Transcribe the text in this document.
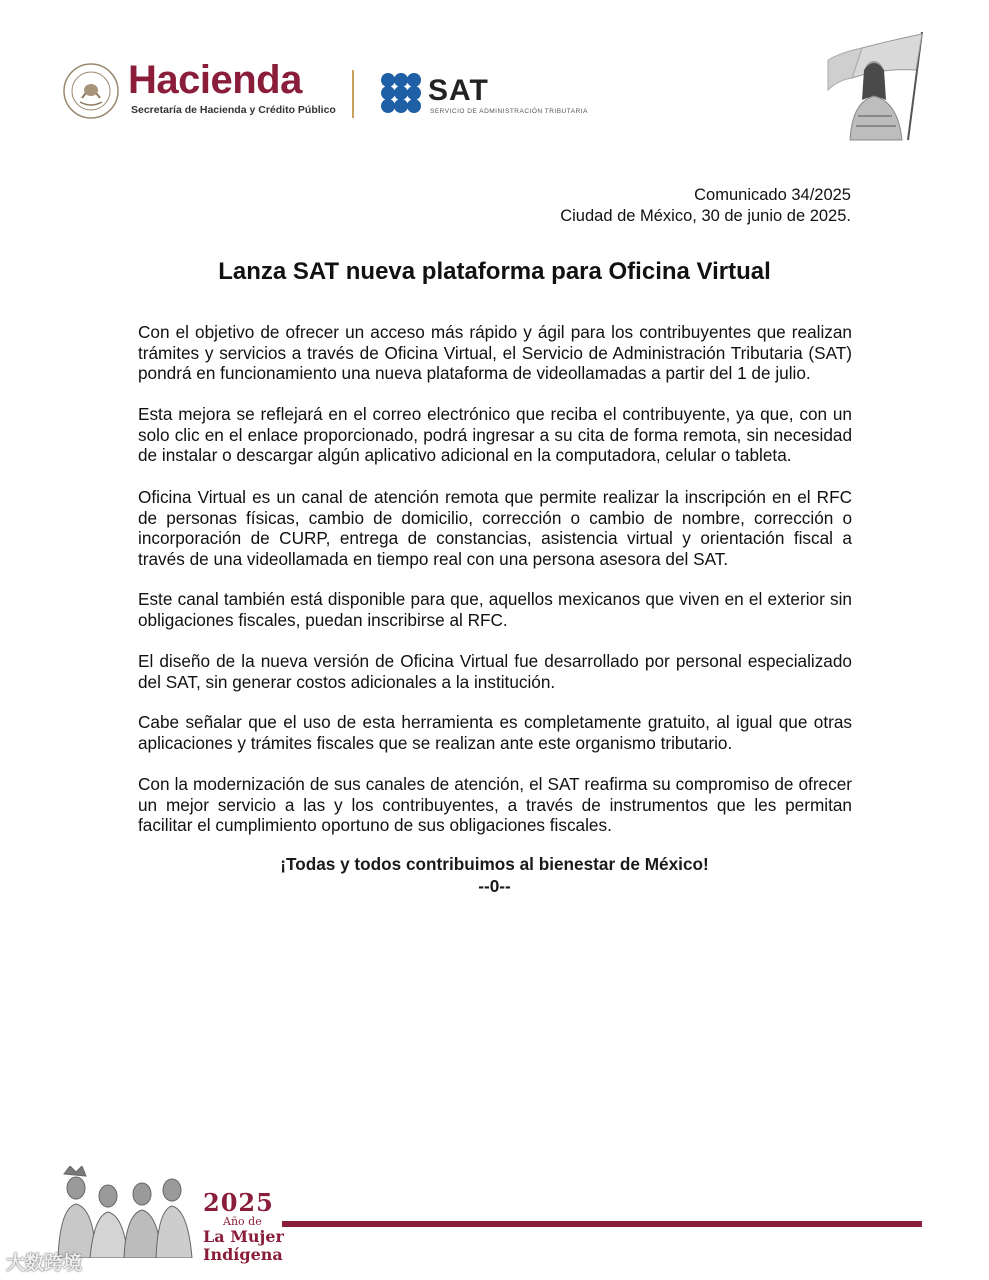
Hacienda
Secretaría de Hacienda y Crédito Público
SAT
SERVICIO DE ADMINISTRACIÓN TRIBUTARIA
Comunicado 34/2025
Ciudad de México, 30 de junio de 2025.
Lanza SAT nueva plataforma para Oficina Virtual

Con el objetivo de ofrecer un acceso más rápido y ágil para los contribuyentes que realizan trámites y servicios a través de Oficina Virtual, el Servicio de Administración Tributaria (SAT) pondrá en funcionamiento una nueva plataforma de videollamadas a partir del 1 de julio.

Esta mejora se reflejará en el correo electrónico que reciba el contribuyente, ya que, con un solo clic en el enlace proporcionado, podrá ingresar a su cita de forma remota, sin necesidad de instalar o descargar algún aplicativo adicional en la computadora, celular o tableta.

Oficina Virtual es un canal de atención remota que permite realizar la inscripción en el RFC de personas físicas, cambio de domicilio, corrección o cambio de nombre, corrección o incorporación de CURP, entrega de constancias, asistencia virtual y orientación fiscal a través de una videollamada en tiempo real con una persona asesora del SAT.

Este canal también está disponible para que, aquellos mexicanos que viven en el exterior sin obligaciones fiscales, puedan inscribirse al RFC.

El diseño de la nueva versión de Oficina Virtual fue desarrollado por personal especializado del SAT, sin generar costos adicionales a la institución.

Cabe señalar que el uso de esta herramienta es completamente gratuito, al igual que otras aplicaciones y trámites fiscales que se realizan ante este organismo tributario.

Con la modernización de sus canales de atención, el SAT reafirma su compromiso de ofrecer un mejor servicio a las y los contribuyentes, a través de instrumentos que les permitan facilitar el cumplimiento oportuno de sus obligaciones fiscales.

¡Todas y todos contribuimos al bienestar de México!
--0--
2025
Año de
La Mujer
Indígena
大数跨境
